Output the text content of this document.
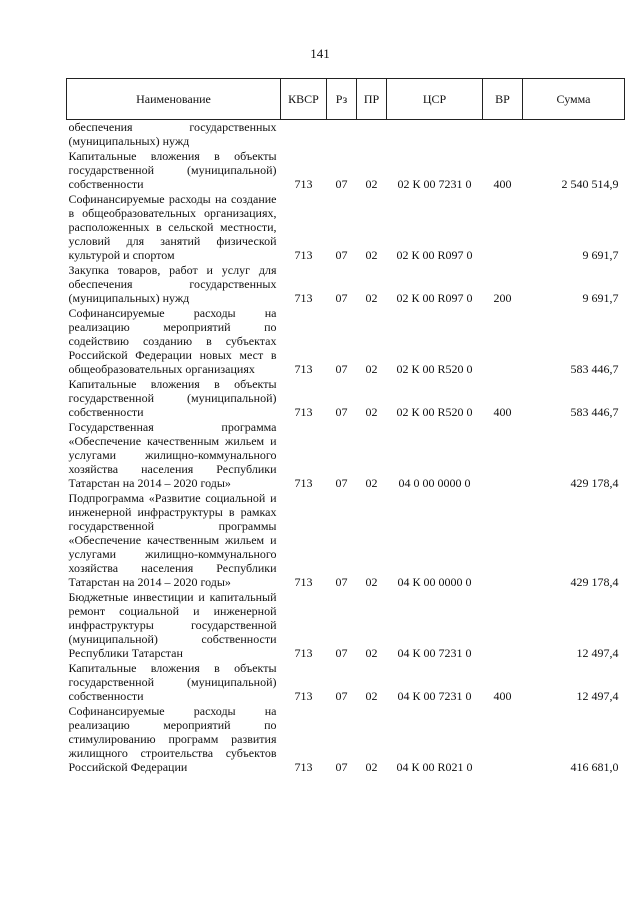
141
Наименование	КВСР	Рз	ПР	ЦСР	ВР	Сумма
обеспечения государственных (муниципальных) нужд						
Капитальные вложения в объекты государственной (муниципальной) собственности	713	07	02	02 К 00 7231 0	400	2 540 514,9
Софинансируемые расходы на создание в общеобразовательных организациях, расположенных в сельской местности, условий для занятий физической культурой и спортом	713	07	02	02 К 00 R097 0		9 691,7
Закупка товаров, работ и услуг для обеспечения государственных (муниципальных) нужд	713	07	02	02 К 00 R097 0	200	9 691,7
Софинансируемые расходы на реализацию мероприятий по содействию созданию в субъектах Российской Федерации новых мест в общеобразовательных организациях	713	07	02	02 К 00 R520 0		583 446,7
Капитальные вложения в объекты государственной (муниципальной) собственности	713	07	02	02 К 00 R520 0	400	583 446,7
Государственная программа «Обеспечение качественным жильем и услугами жилищно-коммунального хозяйства населения Республики Татарстан на 2014 – 2020 годы»	713	07	02	04 0 00 0000 0		429 178,4
Подпрограмма «Развитие социальной и инженерной инфраструктуры в рамках государственной программы «Обеспечение качественным жильем и услугами жилищно-коммунального хозяйства населения Республики Татарстан на 2014 – 2020 годы»	713	07	02	04 К 00 0000 0		429 178,4
Бюджетные инвестиции и капитальный ремонт социальной и инженерной инфраструктуры государственной (муниципальной) собственности Республики Татарстан	713	07	02	04 К 00 7231 0		12 497,4
Капитальные вложения в объекты государственной (муниципальной) собственности	713	07	02	04 К 00 7231 0	400	12 497,4
Софинансируемые расходы на реализацию мероприятий по стимулированию программ развития жилищного строительства субъектов Российской Федерации	713	07	02	04 К 00 R021 0		416 681,0
